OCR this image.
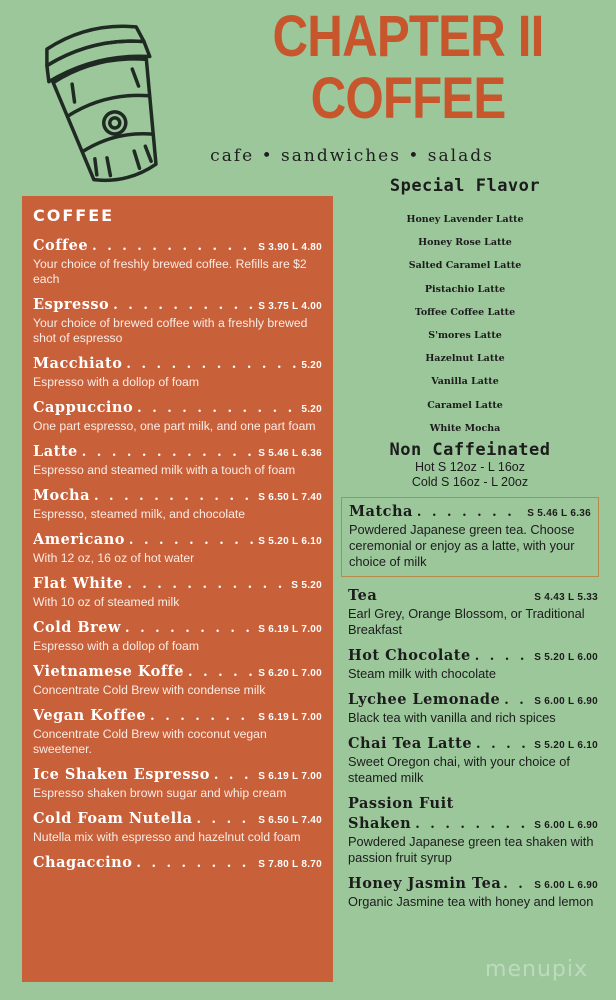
CHAPTER II
COFFEE
cafe • sandwiches • salads
COFFEE
Coffee . . .	S 3.90 L 4.80
Your choice of freshly brewed coffee. Refills are $2 each
Espresso . . .	S 3.75 L 4.00
Your choice of brewed coffee with a freshly brewed shot of espresso
Macchiato . . .	5.20
Espresso with a dollop of foam
Cappuccino . . .	5.20
One part espresso, one part milk, and one part foam
Latte . . .	S 5.46 L 6.36
Espresso and steamed milk with a touch of foam
Mocha . . .	S 6.50 L 7.40
Espresso, steamed milk, and chocolate
Americano . . .	S 5.20 L 6.10
With 12 oz, 16 oz of hot water
Flat White . . .	S 5.20
With 10 oz of steamed milk
Cold Brew . . .	S 6.19 L 7.00
Espresso with a dollop of foam
Vietnamese Koffe . . .	S 6.20 L 7.00
Concentrate Cold Brew with condense milk
Vegan Koffee . . .	S 6.19 L 7.00
Concentrate Cold Brew with coconut vegan sweetener.
Ice Shaken Espresso . . .	S 6.19 L 7.00
Espresso shaken brown sugar and whip cream
Cold Foam Nutella . . .	S 6.50 L 7.40
Nutella mix with espresso and hazelnut cold foam
Chagaccino . . .	S 7.80 L 8.70
Special Flavor
Honey Lavender Latte
Honey Rose Latte
Salted Caramel Latte
Pistachio Latte
Toffee Coffee Latte
S'mores Latte
Hazelnut Latte
Vanilla Latte
Caramel Latte
White Mocha
Non Caffeinated
Hot S 12oz - L 16oz
Cold S 16oz - L 20oz
Matcha . . .	S 5.46 L 6.36
Powdered Japanese green tea. Choose ceremonial or enjoy as a latte, with your choice of milk
Tea	S 4.43 L 5.33
Earl Grey, Orange Blossom, or Traditional Breakfast
Hot Chocolate . . .	S 5.20 L 6.00
Steam milk with chocolate
Lychee Lemonade . . .	S 6.00 L 6.90
Black tea with vanilla and rich spices
Chai Tea Latte . . .	S 5.20 L 6.10
Sweet Oregon chai, with your choice of steamed milk
Passion Fuit
Shaken . . .	S 6.00 L 6.90
Powdered Japanese green tea shaken with passion fruit syrup
Honey Jasmin Tea . . .	S 6.00 L 6.90
Organic Jasmine tea with honey and lemon
menupix
